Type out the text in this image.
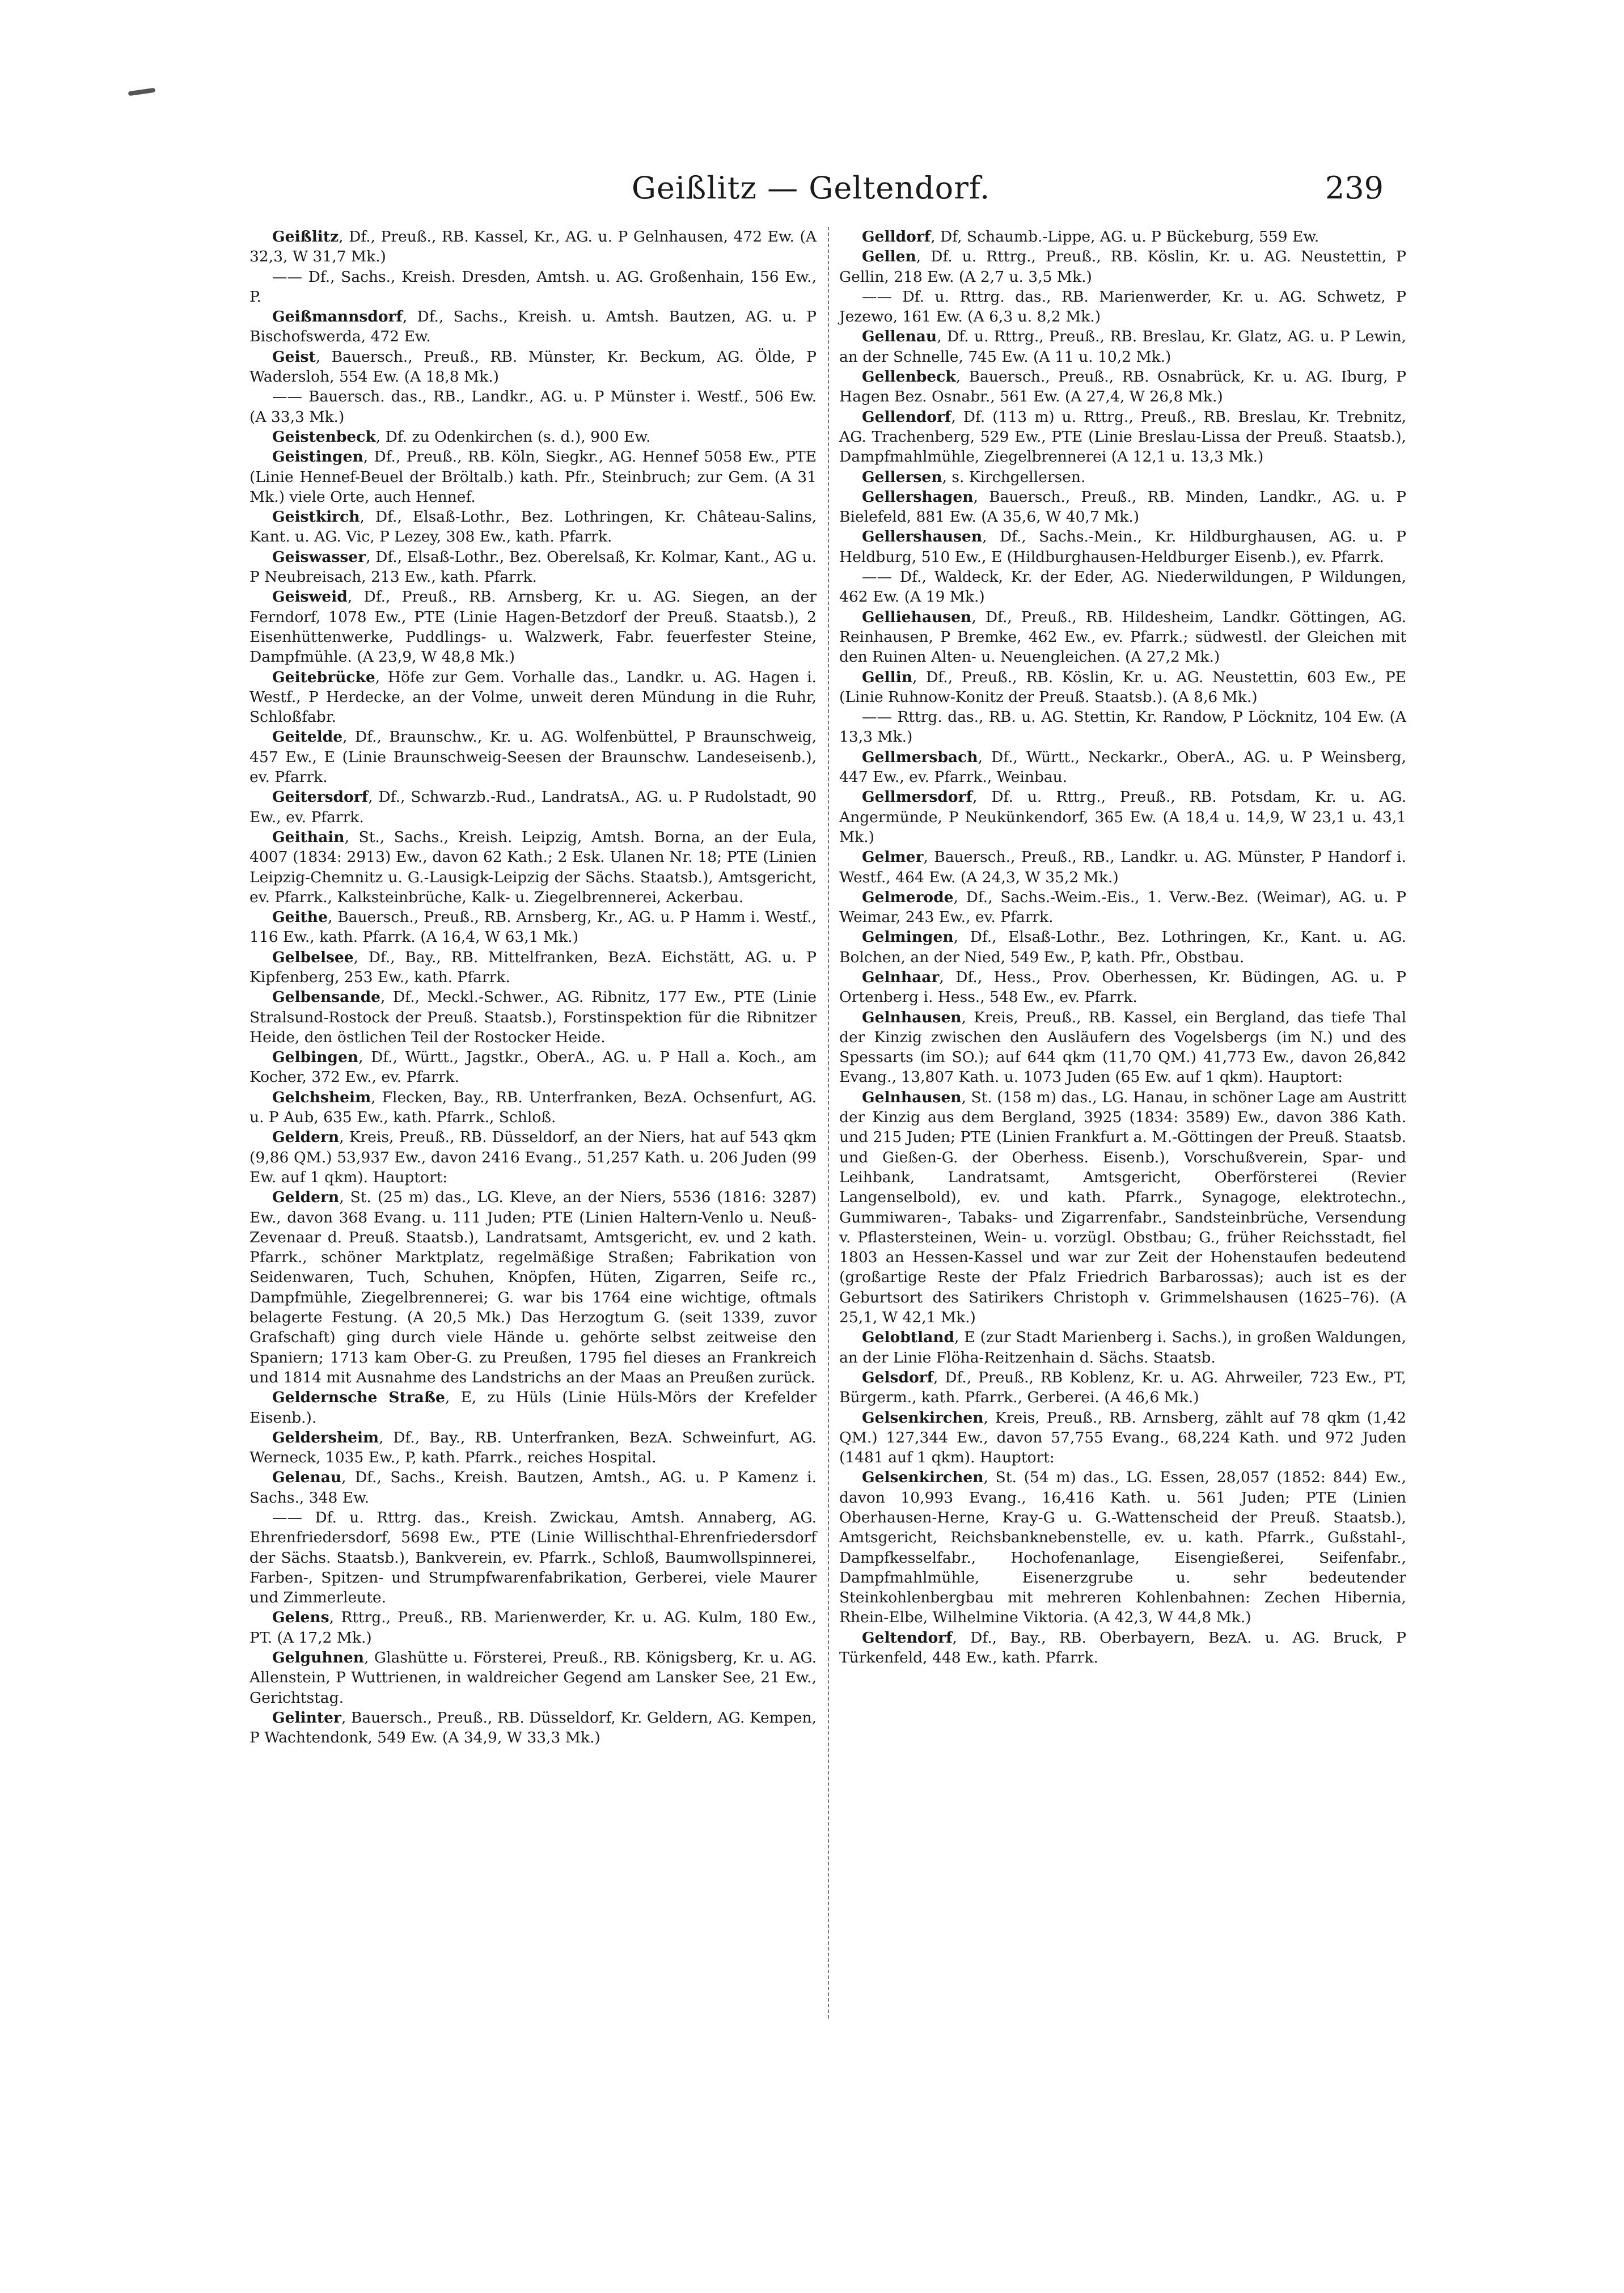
Geißlitz — Geltendorf.	239

Geißlitz, Df., Preuß., RB. Kassel, Kr., AG. u. P Gelnhausen, 472 Ew. (A 32,3, W 31,7 Mk.)

—— Df., Sachs., Kreish. Dresden, Amtsh. u. AG. Großenhain, 156 Ew., P.

Geißmannsdorf, Df., Sachs., Kreish. u. Amtsh. Bautzen, AG. u. P Bischofswerda, 472 Ew.

Geist, Bauersch., Preuß., RB. Münster, Kr. Beckum, AG. Ölde, P Wadersloh, 554 Ew. (A 18,8 Mk.)

—— Bauersch. das., RB., Landkr., AG. u. P Münster i. Westf., 506 Ew. (A 33,3 Mk.)

Geistenbeck, Df. zu Odenkirchen (s. d.), 900 Ew.

Geistingen, Df., Preuß., RB. Köln, Siegkr., AG. Hennef 5058 Ew., PTE (Linie Hennef-Beuel der Bröltalb.) kath. Pfr., Steinbruch; zur Gem. (A 31 Mk.) viele Orte, auch Hennef.

Geistkirch, Df., Elsaß-Lothr., Bez. Lothringen, Kr. Château-Salins, Kant. u. AG. Vic, P Lezey, 308 Ew., kath. Pfarrk.

Geiswasser, Df., Elsaß-Lothr., Bez. Oberelsaß, Kr. Kolmar, Kant., AG u. P Neubreisach, 213 Ew., kath. Pfarrk.

Geisweid, Df., Preuß., RB. Arnsberg, Kr. u. AG. Siegen, an der Ferndorf, 1078 Ew., PTE (Linie Hagen-Betzdorf der Preuß. Staatsb.), 2 Eisenhüttenwerke, Puddlings- u. Walzwerk, Fabr. feuerfester Steine, Dampfmühle. (A 23,9, W 48,8 Mk.)

Geitebrücke, Höfe zur Gem. Vorhalle das., Landkr. u. AG. Hagen i. Westf., P Herdecke, an der Volme, unweit deren Mündung in die Ruhr, Schloßfabr.

Geitelde, Df., Braunschw., Kr. u. AG. Wolfenbüttel, P Braunschweig, 457 Ew., E (Linie Braunschweig-Seesen der Braunschw. Landeseisenb.), ev. Pfarrk.

Geitersdorf, Df., Schwarzb.-Rud., LandratsA., AG. u. P Rudolstadt, 90 Ew., ev. Pfarrk.

Geithain, St., Sachs., Kreish. Leipzig, Amtsh. Borna, an der Eula, 4007 (1834: 2913) Ew., davon 62 Kath.; 2 Esk. Ulanen Nr. 18; PTE (Linien Leipzig-Chemnitz u. G.-Lausigk-Leipzig der Sächs. Staatsb.), Amtsgericht, ev. Pfarrk., Kalksteinbrüche, Kalk- u. Ziegelbrennerei, Ackerbau.

Geithe, Bauersch., Preuß., RB. Arnsberg, Kr., AG. u. P Hamm i. Westf., 116 Ew., kath. Pfarrk. (A 16,4, W 63,1 Mk.)

Gelbelsee, Df., Bay., RB. Mittelfranken, BezA. Eichstätt, AG. u. P Kipfenberg, 253 Ew., kath. Pfarrk.

Gelbensande, Df., Meckl.-Schwer., AG. Ribnitz, 177 Ew., PTE (Linie Stralsund-Rostock der Preuß. Staatsb.), Forstinspektion für die Ribnitzer Heide, den östlichen Teil der Rostocker Heide.

Gelbingen, Df., Württ., Jagstkr., OberA., AG. u. P Hall a. Koch., am Kocher, 372 Ew., ev. Pfarrk.

Gelchsheim, Flecken, Bay., RB. Unterfranken, BezA. Ochsenfurt, AG. u. P Aub, 635 Ew., kath. Pfarrk., Schloß.

Geldern, Kreis, Preuß., RB. Düsseldorf, an der Niers, hat auf 543 qkm (9,86 QM.) 53,937 Ew., davon 2416 Evang., 51,257 Kath. u. 206 Juden (99 Ew. auf 1 qkm). Hauptort:

Geldern, St. (25 m) das., LG. Kleve, an der Niers, 5536 (1816: 3287) Ew., davon 368 Evang. u. 111 Juden; PTE (Linien Haltern-Venlo u. Neuß-Zevenaar d. Preuß. Staatsb.), Landratsamt, Amtsgericht, ev. und 2 kath. Pfarrk., schöner Marktplatz, regelmäßige Straßen; Fabrikation von Seidenwaren, Tuch, Schuhen, Knöpfen, Hüten, Zigarren, Seife rc., Dampfmühle, Ziegelbrennerei; G. war bis 1764 eine wichtige, oftmals belagerte Festung. (A 20,5 Mk.) Das Herzogtum G. (seit 1339, zuvor Grafschaft) ging durch viele Hände u. gehörte selbst zeitweise den Spaniern; 1713 kam Ober-G. zu Preußen, 1795 fiel dieses an Frankreich und 1814 mit Ausnahme des Landstrichs an der Maas an Preußen zurück.

Geldernsche Straße, E, zu Hüls (Linie Hüls-Mörs der Krefelder Eisenb.).

Geldersheim, Df., Bay., RB. Unterfranken, BezA. Schweinfurt, AG. Werneck, 1035 Ew., P, kath. Pfarrk., reiches Hospital.

Gelenau, Df., Sachs., Kreish. Bautzen, Amtsh., AG. u. P Kamenz i. Sachs., 348 Ew.

—— Df. u. Rttrg. das., Kreish. Zwickau, Amtsh. Annaberg, AG. Ehrenfriedersdorf, 5698 Ew., PTE (Linie Willischthal-Ehrenfriedersdorf der Sächs. Staatsb.), Bankverein, ev. Pfarrk., Schloß, Baumwollspinnerei, Farben-, Spitzen- und Strumpfwarenfabrikation, Gerberei, viele Maurer und Zimmerleute.

Gelens, Rttrg., Preuß., RB. Marienwerder, Kr. u. AG. Kulm, 180 Ew., PT. (A 17,2 Mk.)

Gelguhnen, Glashütte u. Försterei, Preuß., RB. Königsberg, Kr. u. AG. Allenstein, P Wuttrienen, in waldreicher Gegend am Lansker See, 21 Ew., Gerichtstag.

Gelinter, Bauersch., Preuß., RB. Düsseldorf, Kr. Geldern, AG. Kempen, P Wachtendonk, 549 Ew. (A 34,9, W 33,3 Mk.)

Gelldorf, Df, Schaumb.-Lippe, AG. u. P Bückeburg, 559 Ew.

Gellen, Df. u. Rttrg., Preuß., RB. Köslin, Kr. u. AG. Neustettin, P Gellin, 218 Ew. (A 2,7 u. 3,5 Mk.)

—— Df. u. Rttrg. das., RB. Marienwerder, Kr. u. AG. Schwetz, P Jezewo, 161 Ew. (A 6,3 u. 8,2 Mk.)

Gellenau, Df. u. Rttrg., Preuß., RB. Breslau, Kr. Glatz, AG. u. P Lewin, an der Schnelle, 745 Ew. (A 11 u. 10,2 Mk.)

Gellenbeck, Bauersch., Preuß., RB. Osnabrück, Kr. u. AG. Iburg, P Hagen Bez. Osnabr., 561 Ew. (A 27,4, W 26,8 Mk.)

Gellendorf, Df. (113 m) u. Rttrg., Preuß., RB. Breslau, Kr. Trebnitz, AG. Trachenberg, 529 Ew., PTE (Linie Breslau-Lissa der Preuß. Staatsb.), Dampfmahlmühle, Ziegelbrennerei (A 12,1 u. 13,3 Mk.)

Gellersen, s. Kirchgellersen.

Gellershagen, Bauersch., Preuß., RB. Minden, Landkr., AG. u. P Bielefeld, 881 Ew. (A 35,6, W 40,7 Mk.)

Gellershausen, Df., Sachs.-Mein., Kr. Hildburghausen, AG. u. P Heldburg, 510 Ew., E (Hildburghausen-Heldburger Eisenb.), ev. Pfarrk.

—— Df., Waldeck, Kr. der Eder, AG. Niederwildungen, P Wildungen, 462 Ew. (A 19 Mk.)

Gelliehausen, Df., Preuß., RB. Hildesheim, Landkr. Göttingen, AG. Reinhausen, P Bremke, 462 Ew., ev. Pfarrk.; südwestl. der Gleichen mit den Ruinen Alten- u. Neuengleichen. (A 27,2 Mk.)

Gellin, Df., Preuß., RB. Köslin, Kr. u. AG. Neustettin, 603 Ew., PE (Linie Ruhnow-Konitz der Preuß. Staatsb.). (A 8,6 Mk.)

—— Rttrg. das., RB. u. AG. Stettin, Kr. Randow, P Löcknitz, 104 Ew. (A 13,3 Mk.)

Gellmersbach, Df., Württ., Neckarkr., OberA., AG. u. P Weinsberg, 447 Ew., ev. Pfarrk., Weinbau.

Gellmersdorf, Df. u. Rttrg., Preuß., RB. Potsdam, Kr. u. AG. Angermünde, P Neukünkendorf, 365 Ew. (A 18,4 u. 14,9, W 23,1 u. 43,1 Mk.)

Gelmer, Bauersch., Preuß., RB., Landkr. u. AG. Münster, P Handorf i. Westf., 464 Ew. (A 24,3, W 35,2 Mk.)

Gelmerode, Df., Sachs.-Weim.-Eis., 1. Verw.-Bez. (Weimar), AG. u. P Weimar, 243 Ew., ev. Pfarrk.

Gelmingen, Df., Elsaß-Lothr., Bez. Lothringen, Kr., Kant. u. AG. Bolchen, an der Nied, 549 Ew., P, kath. Pfr., Obstbau.

Gelnhaar, Df., Hess., Prov. Oberhessen, Kr. Büdingen, AG. u. P Ortenberg i. Hess., 548 Ew., ev. Pfarrk.

Gelnhausen, Kreis, Preuß., RB. Kassel, ein Bergland, das tiefe Thal der Kinzig zwischen den Ausläufern des Vogelsbergs (im N.) und des Spessarts (im SO.); auf 644 qkm (11,70 QM.) 41,773 Ew., davon 26,842 Evang., 13,807 Kath. u. 1073 Juden (65 Ew. auf 1 qkm). Hauptort:

Gelnhausen, St. (158 m) das., LG. Hanau, in schöner Lage am Austritt der Kinzig aus dem Bergland, 3925 (1834: 3589) Ew., davon 386 Kath. und 215 Juden; PTE (Linien Frankfurt a. M.-Göttingen der Preuß. Staatsb. und Gießen-G. der Oberhess. Eisenb.), Vorschußverein, Spar- und Leihbank, Landratsamt, Amtsgericht, Oberförsterei (Revier Langenselbold), ev. und kath. Pfarrk., Synagoge, elektrotechn., Gummiwaren-, Tabaks- und Zigarrenfabr., Sandsteinbrüche, Versendung v. Pflastersteinen, Wein- u. vorzügl. Obstbau; G., früher Reichsstadt, fiel 1803 an Hessen-Kassel und war zur Zeit der Hohenstaufen bedeutend (großartige Reste der Pfalz Friedrich Barbarossas); auch ist es der Geburtsort des Satirikers Christoph v. Grimmelshausen (1625–76). (A 25,1, W 42,1 Mk.)

Gelobtland, E (zur Stadt Marienberg i. Sachs.), in großen Waldungen, an der Linie Flöha-Reitzenhain d. Sächs. Staatsb.

Gelsdorf, Df., Preuß., RB Koblenz, Kr. u. AG. Ahrweiler, 723 Ew., PT, Bürgerm., kath. Pfarrk., Gerberei. (A 46,6 Mk.)

Gelsenkirchen, Kreis, Preuß., RB. Arnsberg, zählt auf 78 qkm (1,42 QM.) 127,344 Ew., davon 57,755 Evang., 68,224 Kath. und 972 Juden (1481 auf 1 qkm). Hauptort:

Gelsenkirchen, St. (54 m) das., LG. Essen, 28,057 (1852: 844) Ew., davon 10,993 Evang., 16,416 Kath. u. 561 Juden; PTE (Linien Oberhausen-Herne, Kray-G u. G.-Wattenscheid der Preuß. Staatsb.), Amtsgericht, Reichsbanknebenstelle, ev. u. kath. Pfarrk., Gußstahl-, Dampfkesselfabr., Hochofenanlage, Eisengießerei, Seifenfabr., Dampfmahlmühle, Eisenerzgrube u. sehr bedeutender Steinkohlenbergbau mit mehreren Kohlenbahnen: Zechen Hibernia, Rhein-Elbe, Wilhelmine Viktoria. (A 42,3, W 44,8 Mk.)

Geltendorf, Df., Bay., RB. Oberbayern, BezA. u. AG. Bruck, P Türkenfeld, 448 Ew., kath. Pfarrk.
